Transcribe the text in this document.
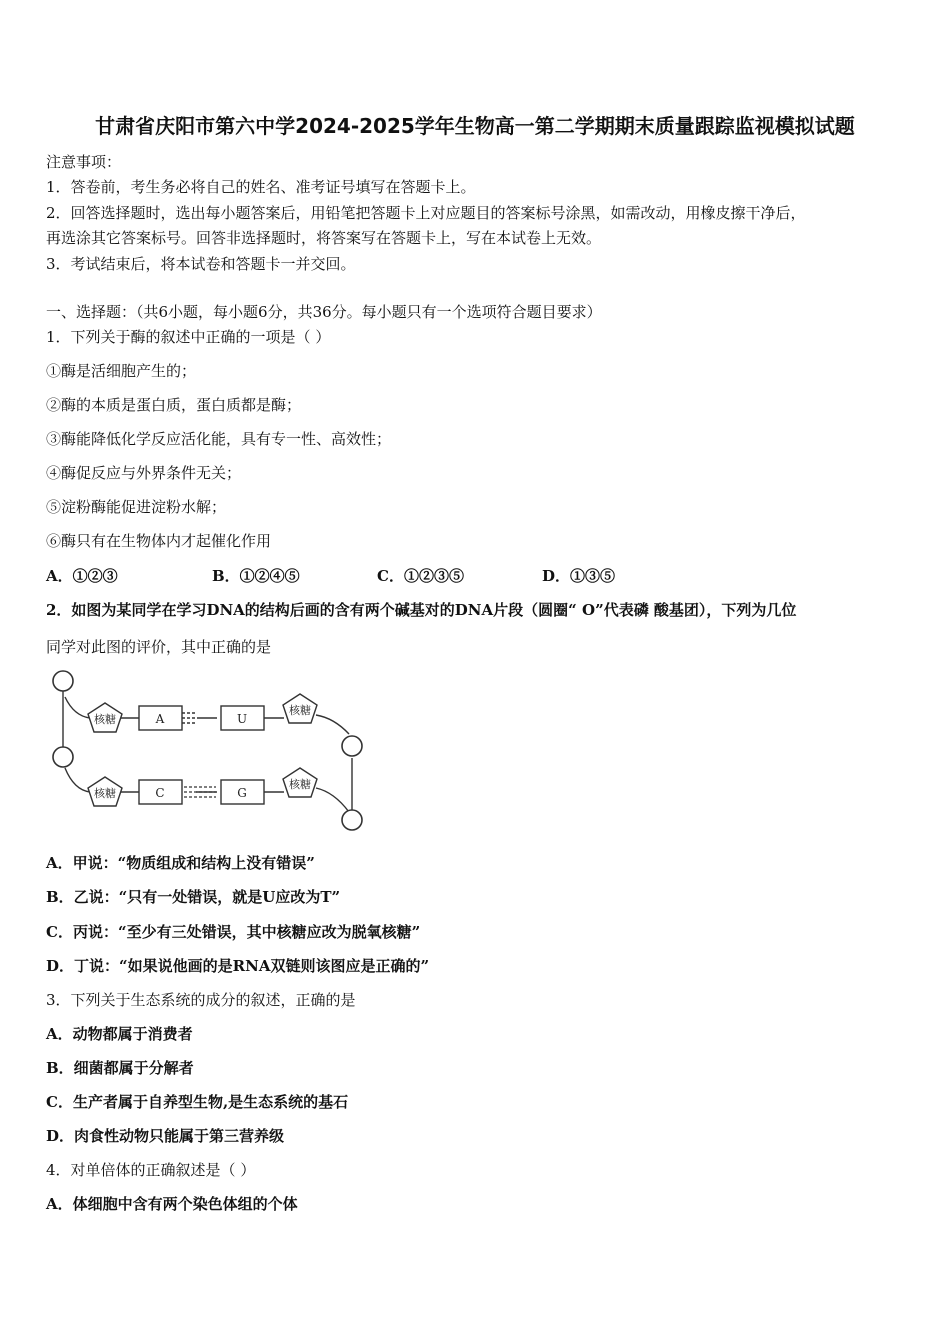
甘肃省庆阳市第六中学2024-2025学年生物高一第二学期期末质量跟踪监视模拟试题
注意事项：
1．答卷前，考生务必将自己的姓名、准考证号填写在答题卡上。
2．回答选择题时，选出每小题答案后，用铅笔把答题卡上对应题目的答案标号涂黑，如需改动，用橡皮擦干净后，
再选涂其它答案标号。回答非选择题时，将答案写在答题卡上，写在本试卷上无效。
3．考试结束后，将本试卷和答题卡一并交回。
一、选择题：（共6小题，每小题6分，共36分。每小题只有一个选项符合题目要求）
1．下列关于酶的叙述中正确的一项是（ ）
①酶是活细胞产生的；
②酶的本质是蛋白质，蛋白质都是酶；
③酶能降低化学反应活化能，具有专一性、高效性；
④酶促反应与外界条件无关；
⑤淀粉酶能促进淀粉水解；
⑥酶只有在生物体内才起催化作用
A．①②③	B．①②④⑤	C．①②③⑤	D．①③⑤
2．如图为某同学在学习DNA的结构后画的含有两个碱基对的DNA片段（圆圈“ O”代表磷 酸基团），下列为几位
同学对此图的评价，其中正确的是
核糖
核糖
核糖
核糖
A	U
C	G
A．甲说：“物质组成和结构上没有错误”
B．乙说：“只有一处错误，就是U应改为T”
C．丙说：“至少有三处错误，其中核糖应改为脱氧核糖”
D．丁说：“如果说他画的是RNA双链则该图应是正确的”
3．下列关于生态系统的成分的叙述，正确的是
A．动物都属于消费者
B．细菌都属于分解者
C．生产者属于自养型生物,是生态系统的基石
D．肉食性动物只能属于第三营养级
4．对单倍体的正确叙述是（ ）
A．体细胞中含有两个染色体组的个体
